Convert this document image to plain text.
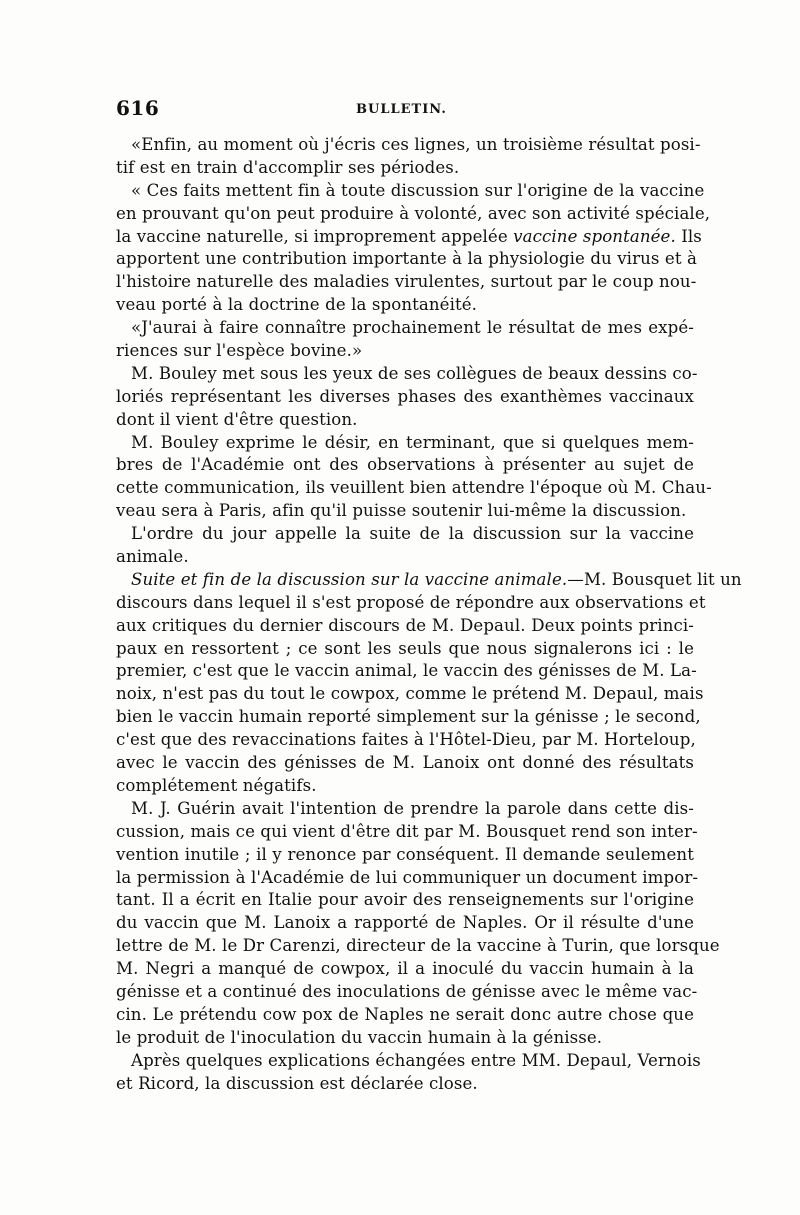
616	BULLETIN.
«Enfin, au moment où j'écris ces lignes, un troisième résultat posi-
tif est en train d'accomplir ses périodes.
« Ces faits mettent fin à toute discussion sur l'origine de la vaccine
en prouvant qu'on peut produire à volonté, avec son activité spéciale,
la vaccine naturelle, si improprement appelée vaccine spontanée. Ils
apportent une contribution importante à la physiologie du virus et à
l'histoire naturelle des maladies virulentes, surtout par le coup nou-
veau porté à la doctrine de la spontanéité.
«J'aurai à faire connaître prochainement le résultat de mes expé-
riences sur l'espèce bovine.»
M. Bouley met sous les yeux de ses collègues de beaux dessins co-
loriés représentant les diverses phases des exanthèmes vaccinaux
dont il vient d'être question.
M. Bouley exprime le désir, en terminant, que si quelques mem-
bres de l'Académie ont des observations à présenter au sujet de
cette communication, ils veuillent bien attendre l'époque où M. Chau-
veau sera à Paris, afin qu'il puisse soutenir lui-même la discussion.
L'ordre du jour appelle la suite de la discussion sur la vaccine
animale.
Suite et fin de la discussion sur la vaccine animale.—M. Bousquet lit un
discours dans lequel il s'est proposé de répondre aux observations et
aux critiques du dernier discours de M. Depaul. Deux points princi-
paux en ressortent ; ce sont les seuls que nous signalerons ici : le
premier, c'est que le vaccin animal, le vaccin des génisses de M. La-
noix, n'est pas du tout le cowpox, comme le prétend M. Depaul, mais
bien le vaccin humain reporté simplement sur la génisse ; le second,
c'est que des revaccinations faites à l'Hôtel-Dieu, par M. Horteloup,
avec le vaccin des génisses de M. Lanoix ont donné des résultats
complétement négatifs.
M. J. Guérin avait l'intention de prendre la parole dans cette dis-
cussion, mais ce qui vient d'être dit par M. Bousquet rend son inter-
vention inutile ; il y renonce par conséquent. Il demande seulement
la permission à l'Académie de lui communiquer un document impor-
tant. Il a écrit en Italie pour avoir des renseignements sur l'origine
du vaccin que M. Lanoix a rapporté de Naples. Or il résulte d'une
lettre de M. le Dr Carenzi, directeur de la vaccine à Turin, que lorsque
M. Negri a manqué de cowpox, il a inoculé du vaccin humain à la
génisse et a continué des inoculations de génisse avec le même vac-
cin. Le prétendu cow pox de Naples ne serait donc autre chose que
le produit de l'inoculation du vaccin humain à la génisse.
Après quelques explications échangées entre MM. Depaul, Vernois
et Ricord, la discussion est déclarée close.
